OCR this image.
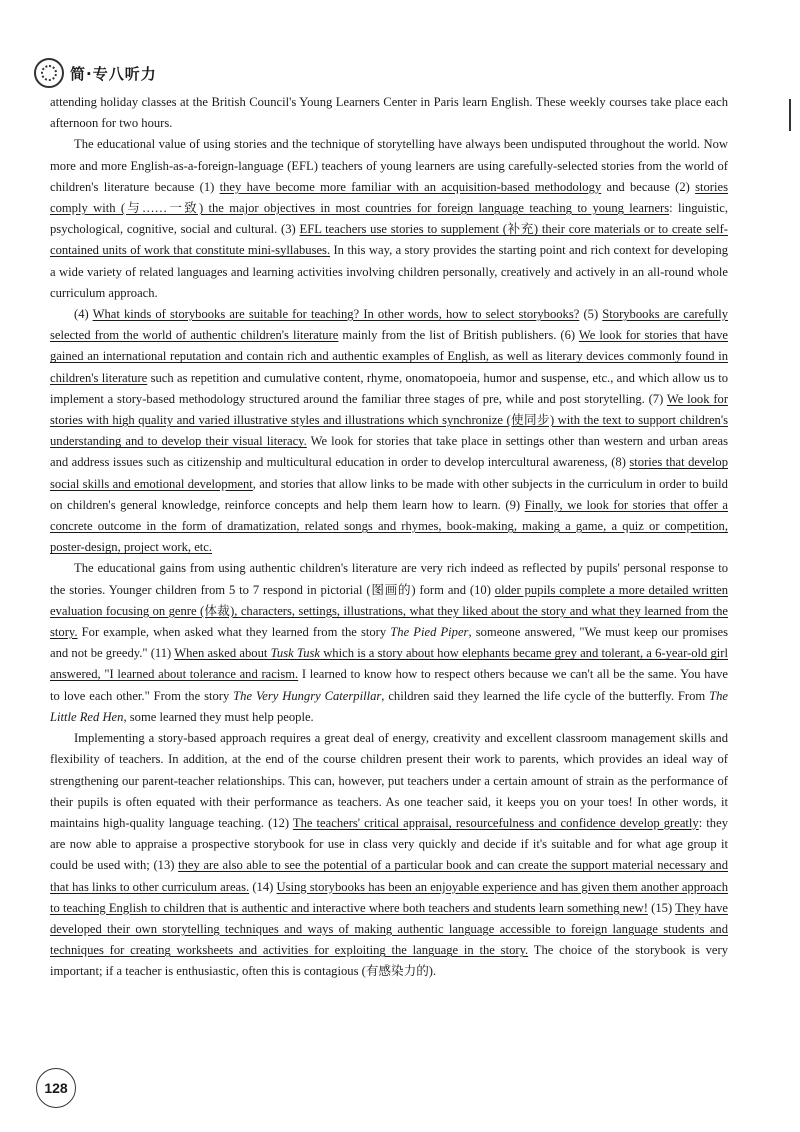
简·专八听力

attending holiday classes at the British Council's Young Learners Center in Paris learn English. These weekly courses take place each afternoon for two hours.

The educational value of using stories and the technique of storytelling have always been undisputed throughout the world. Now more and more English-as-a-foreign-language (EFL) teachers of young learners are using carefully-selected stories from the world of children's literature because (1) they have become more familiar with an acquisition-based methodology and because (2) stories comply with (与……一致) the major objectives in most countries for foreign language teaching to young learners: linguistic, psychological, cognitive, social and cultural. (3) EFL teachers use stories to supplement (补充) their core materials or to create self-contained units of work that constitute mini-syllabuses. In this way, a story provides the starting point and rich context for developing a wide variety of related languages and learning activities involving children personally, creatively and actively in an all-round whole curriculum approach.

(4) What kinds of storybooks are suitable for teaching? In other words, how to select storybooks? (5) Storybooks are carefully selected from the world of authentic children's literature mainly from the list of British publishers. (6) We look for stories that have gained an international reputation and contain rich and authentic examples of English, as well as literary devices commonly found in children's literature such as repetition and cumulative content, rhyme, onomatopoeia, humor and suspense, etc., and which allow us to implement a story-based methodology structured around the familiar three stages of pre, while and post storytelling. (7) We look for stories with high quality and varied illustrative styles and illustrations which synchronize (使同步) with the text to support children's understanding and to develop their visual literacy. We look for stories that take place in settings other than western and urban areas and address issues such as citizenship and multicultural education in order to develop intercultural awareness, (8) stories that develop social skills and emotional development, and stories that allow links to be made with other subjects in the curriculum in order to build on children's general knowledge, reinforce concepts and help them learn how to learn. (9) Finally, we look for stories that offer a concrete outcome in the form of dramatization, related songs and rhymes, book-making, making a game, a quiz or competition, poster-design, project work, etc.

The educational gains from using authentic children's literature are very rich indeed as reflected by pupils' personal response to the stories. Younger children from 5 to 7 respond in pictorial (图画的) form and (10) older pupils complete a more detailed written evaluation focusing on genre (体裁), characters, settings, illustrations, what they liked about the story and what they learned from the story. For example, when asked what they learned from the story The Pied Piper, someone answered, "We must keep our promises and not be greedy." (11) When asked about Tusk Tusk which is a story about how elephants became grey and tolerant, a 6-year-old girl answered, "I learned about tolerance and racism. I learned to know how to respect others because we can't all be the same. You have to love each other." From the story The Very Hungry Caterpillar, children said they learned the life cycle of the butterfly. From The Little Red Hen, some learned they must help people.

Implementing a story-based approach requires a great deal of energy, creativity and excellent classroom management skills and flexibility of teachers. In addition, at the end of the course children present their work to parents, which provides an ideal way of strengthening our parent-teacher relationships. This can, however, put teachers under a certain amount of strain as the performance of their pupils is often equated with their performance as teachers. As one teacher said, it keeps you on your toes! In other words, it maintains high-quality language teaching. (12) The teachers' critical appraisal, resourcefulness and confidence develop greatly: they are now able to appraise a prospective storybook for use in class very quickly and decide if it's suitable and for what age group it could be used with; (13) they are also able to see the potential of a particular book and can create the support material necessary and that has links to other curriculum areas. (14) Using storybooks has been an enjoyable experience and has given them another approach to teaching English to children that is authentic and interactive where both teachers and students learn something new! (15) They have developed their own storytelling techniques and ways of making authentic language accessible to foreign language students and techniques for creating worksheets and activities for exploiting the language in the story. The choice of the storybook is very important; if a teacher is enthusiastic, often this is contagious (有感染力的).

128
